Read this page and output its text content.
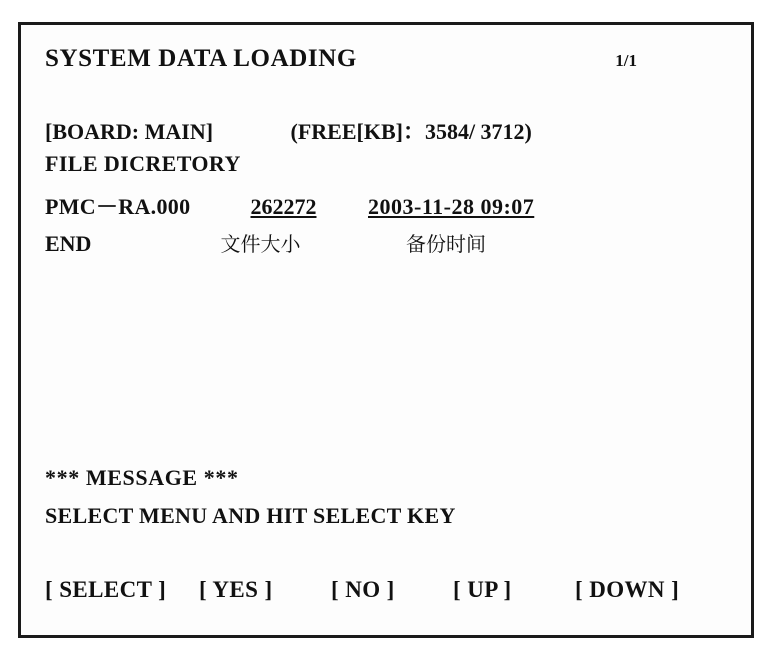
SYSTEM DATA LOADING	1/1
[BOARD: MAIN]	(FREE[KB]：3584/ 3712)
FILE DICRETORY
PMC－RA.000	262272 2003-11-28 09:07
END	文件大小	备份时间
*** MESSAGE ***
SELECT MENU AND HIT SELECT KEY
[ SELECT ]	[ YES ]	[ NO ]	[ UP ]	[ DOWN ]
